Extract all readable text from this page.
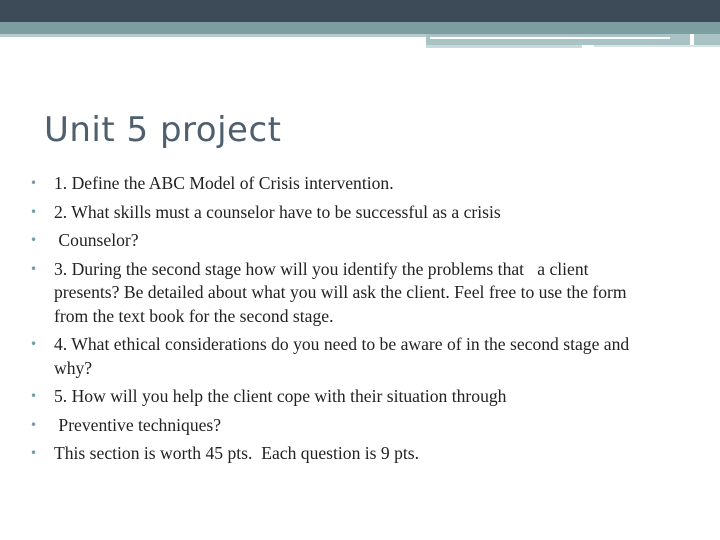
Unit 5 project
• 1. Define the ABC Model of Crisis intervention.
• 2. What skills must a counselor have to be successful as a crisis
• Counselor?
• 3. During the second stage how will you identify the problems that   a client presents? Be detailed about what you will ask the client. Feel free to use the form from the text book for the second stage.
• 4. What ethical considerations do you need to be aware of in the second stage and why?
• 5. How will you help the client cope with their situation through
• Preventive techniques?
• This section is worth 45 pts.  Each question is 9 pts.
